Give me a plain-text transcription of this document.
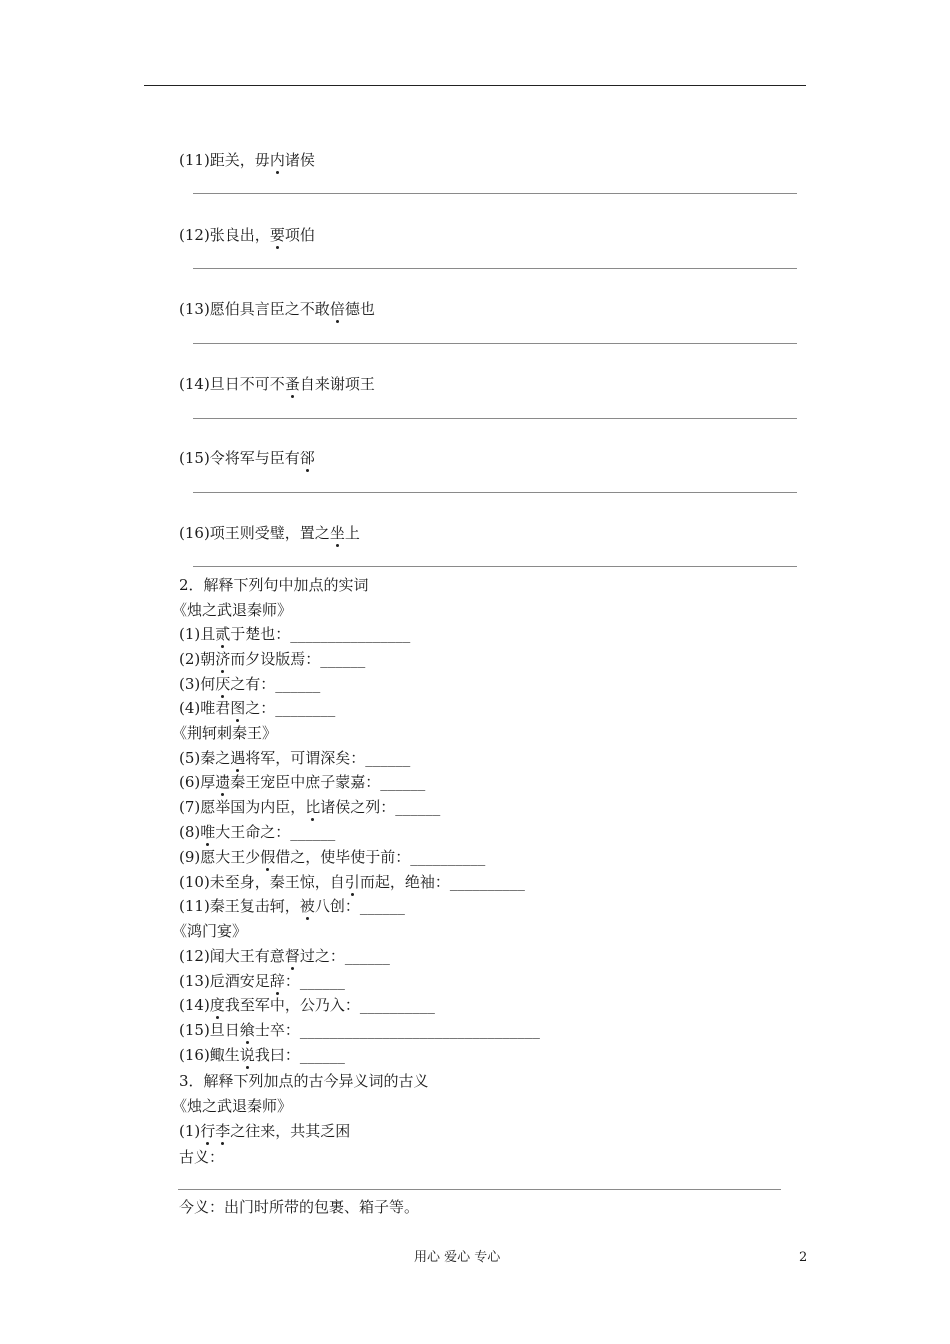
(11)距关，毋内诸侯
(12)张良出，要项伯
(13)愿伯具言臣之不敢倍德也
(14)旦日不可不蚤自来谢项王
(15)令将军与臣有郤
(16)项王则受璧，置之坐上
2．解释下列句中加点的实词
《烛之武退秦师》
(1)且贰于楚也：________________
(2)朝济而夕设版焉：______
(3)何厌之有：______
(4)唯君图之：________
《荆轲刺秦王》
(5)秦之遇将军，可谓深矣：______
(6)厚遗秦王宠臣中庶子蒙嘉：______
(7)愿举国为内臣，比诸侯之列：______
(8)唯大王命之：______
(9)愿大王少假借之，使毕使于前：__________
(10)未至身，秦王惊，自引而起，绝袖：__________
(11)秦王复击轲，被八创：______
《鸿门宴》
(12)闻大王有意督过之：______
(13)卮酒安足辞：______
(14)度我至军中，公乃入：__________
(15)旦日飨士卒：________________________________
(16)鲰生说我曰：______
3．解释下列加点的古今异义词的古义
《烛之武退秦师》
(1)行李之往来，共其乏困
古义：
今义：出门时所带的包裹、箱子等。
用心 爱心 专心	2
